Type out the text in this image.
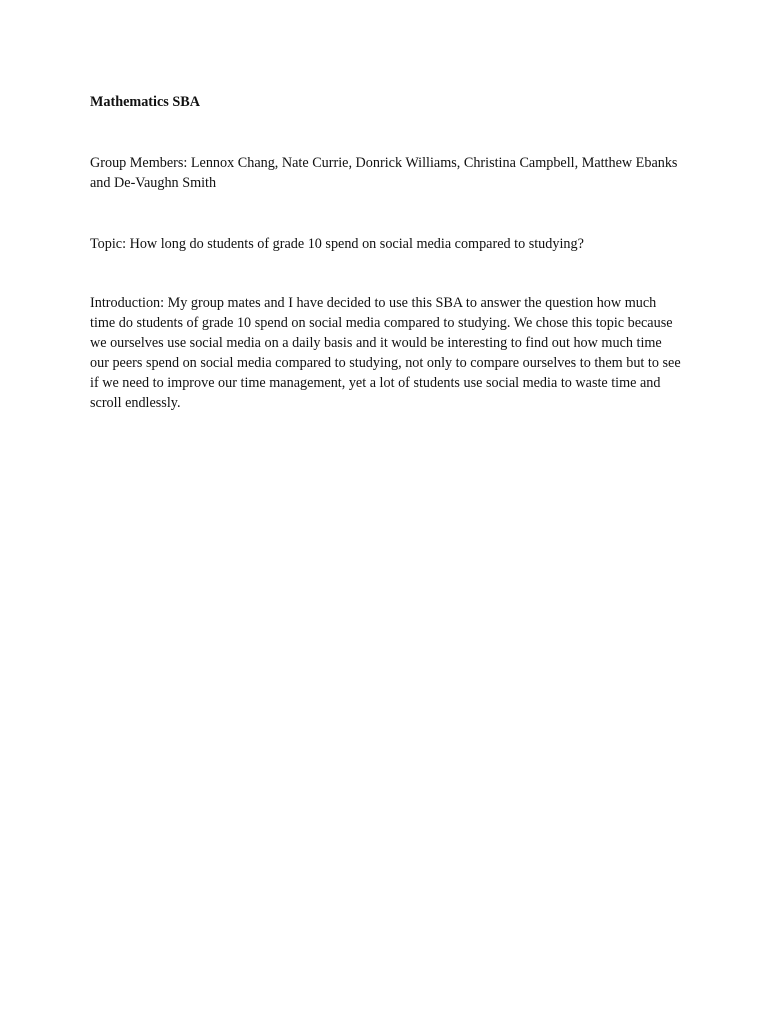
Mathematics SBA

Group Members: Lennox Chang, Nate Currie, Donrick Williams, Christina Campbell, Matthew Ebanks and De-Vaughn Smith

Topic: How long do students of grade 10 spend on social media compared to studying?

Introduction: My group mates and I have decided to use this SBA to answer the question how much time do students of grade 10 spend on social media compared to studying. We chose this topic because we ourselves use social media on a daily basis and it would be interesting to find out how much time our peers spend on social media compared to studying, not only to compare ourselves to them but to see if we need to improve our time management, yet a lot of students use social media to waste time and scroll endlessly.
